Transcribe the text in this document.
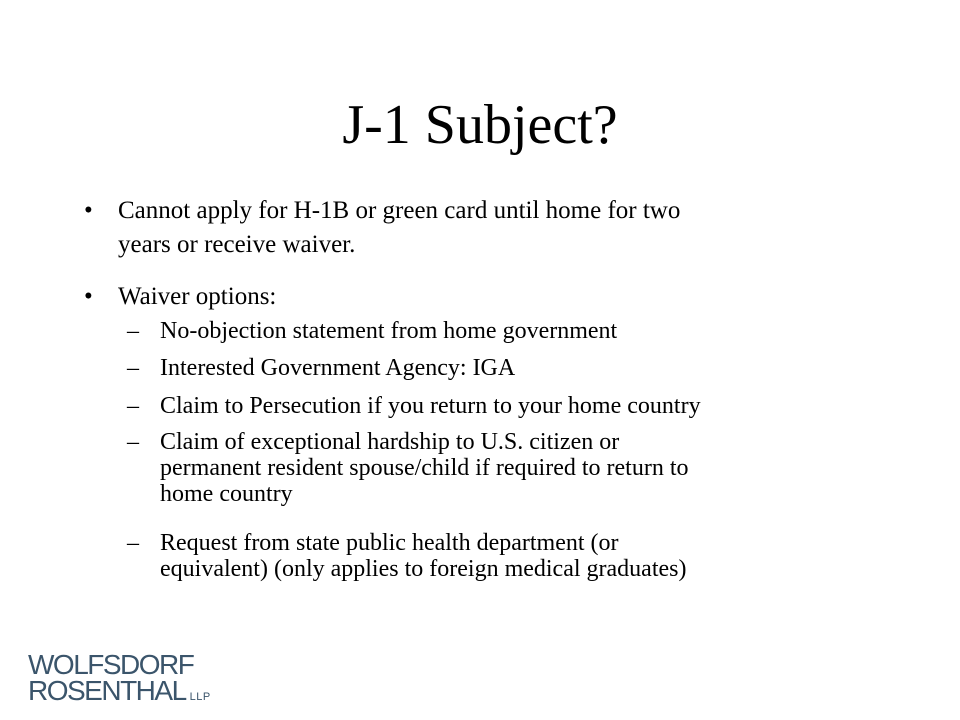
J-1 Subject?
• Cannot apply for H-1B or green card until home for two
years or receive waiver.
• Waiver options:
– No-objection statement from home government
– Interested Government Agency: IGA
– Claim to Persecution if you return to your home country
– Claim of exceptional hardship to U.S. citizen or
permanent resident spouse/child if required to return to
home country
– Request from state public health department (or
equivalent) (only applies to foreign medical graduates)
WOLFSDORF
ROSENTHAL LLP
